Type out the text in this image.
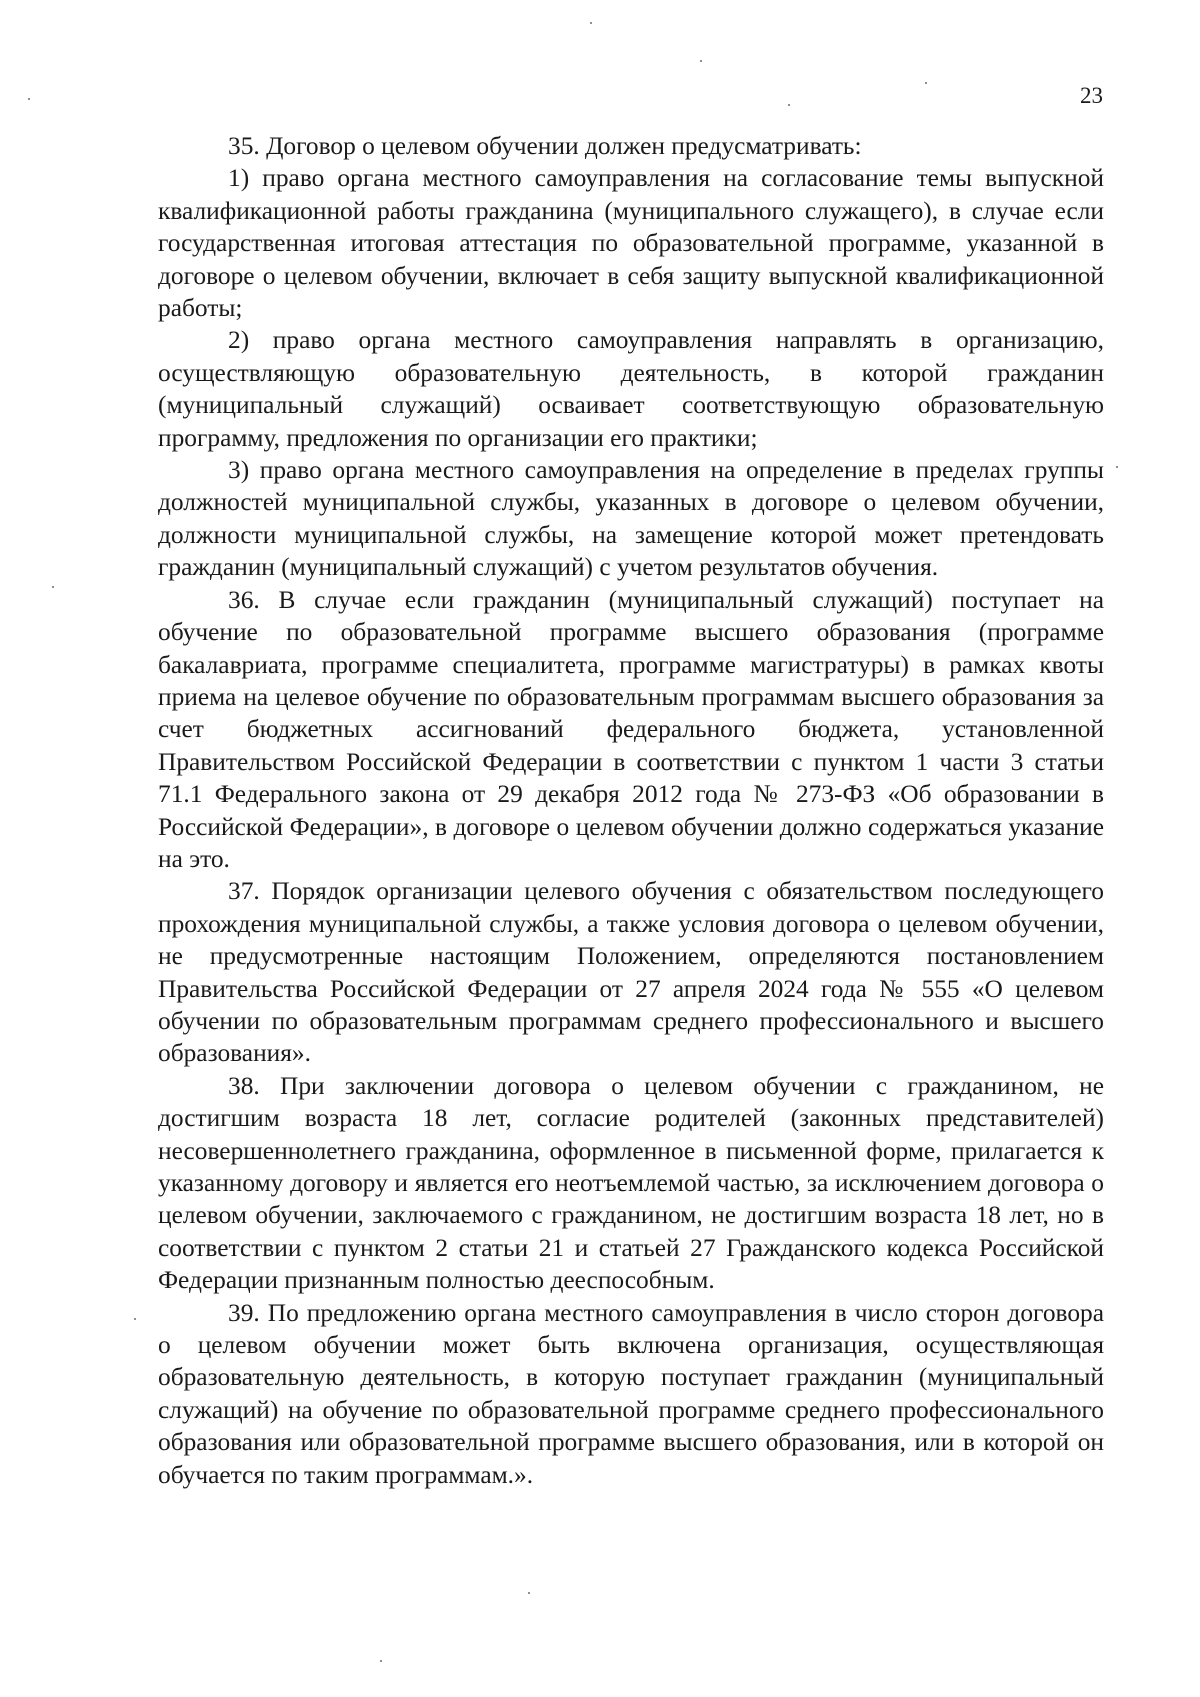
23

35. Договор о целевом обучении должен предусматривать:

1) право органа местного самоуправления на согласование темы выпускной квалификационной работы гражданина (муниципального служащего), в случае если государственная итоговая аттестация по образовательной программе, указанной в договоре о целевом обучении, включает в себя защиту выпускной квалификационной работы;

2) право органа местного самоуправления направлять в организацию, осуществляющую образовательную деятельность, в которой гражданин (муниципальный служащий) осваивает соответствующую образовательную программу, предложения по организации его практики;

3) право органа местного самоуправления на определение в пределах группы должностей муниципальной службы, указанных в договоре о целевом обучении, должности муниципальной службы, на замещение которой может претендовать гражданин (муниципальный служащий) с учетом результатов обучения.

36. В случае если гражданин (муниципальный служащий) поступает на обучение по образовательной программе высшего образования (программе бакалавриата, программе специалитета, программе магистратуры) в рамках квоты приема на целевое обучение по образовательным программам высшего образования за счет бюджетных ассигнований федерального бюджета, установленной Правительством Российской Федерации в соответствии с пунктом 1 части 3 статьи 71.1 Федерального закона от 29 декабря 2012 года № 273-ФЗ «Об образовании в Российской Федерации», в договоре о целевом обучении должно содержаться указание на это.

37. Порядок организации целевого обучения с обязательством последующего прохождения муниципальной службы, а также условия договора о целевом обучении, не предусмотренные настоящим Положением, определяются постановлением Правительства Российской Федерации от 27 апреля 2024 года № 555 «О целевом обучении по образовательным программам среднего профессионального и высшего образования».

38. При заключении договора о целевом обучении с гражданином, не достигшим возраста 18 лет, согласие родителей (законных представителей) несовершеннолетнего гражданина, оформленное в письменной форме, прилагается к указанному договору и является его неотъемлемой частью, за исключением договора о целевом обучении, заключаемого с гражданином, не достигшим возраста 18 лет, но в соответствии с пунктом 2 статьи 21 и статьей 27 Гражданского кодекса Российской Федерации признанным полностью дееспособным.

39. По предложению органа местного самоуправления в число сторон договора о целевом обучении может быть включена организация, осуществляющая образовательную деятельность, в которую поступает гражданин (муниципальный служащий) на обучение по образовательной программе среднего профессионального образования или образовательной программе высшего образования, или в которой он обучается по таким программам.».
